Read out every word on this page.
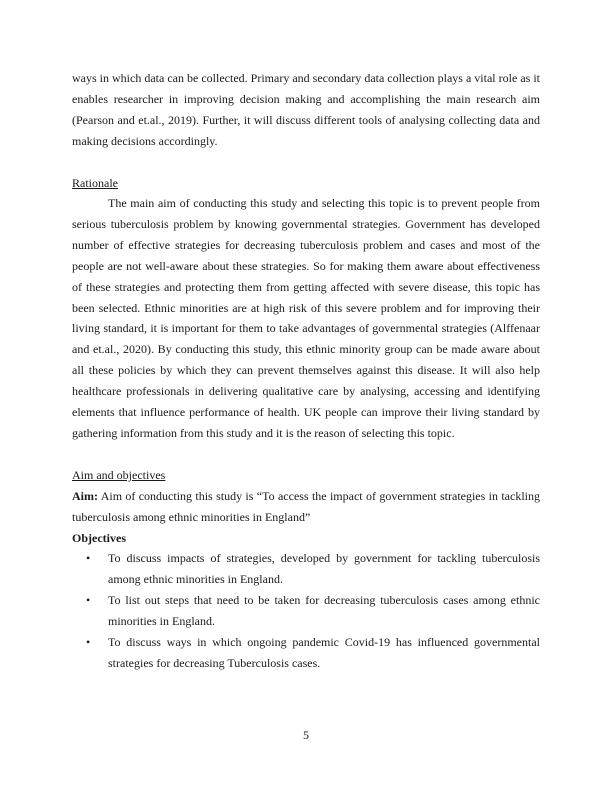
ways in which data can be collected. Primary and secondary data collection plays a vital role as it enables researcher in improving decision making and accomplishing the main research aim (Pearson and et.al., 2019). Further, it will discuss different tools of analysing collecting data and making decisions accordingly.
Rationale
The main aim of conducting this study and selecting this topic is to prevent people from serious tuberculosis problem by knowing governmental strategies. Government has developed number of effective strategies for decreasing tuberculosis problem and cases and most of the people are not well-aware about these strategies. So for making them aware about effectiveness of these strategies and protecting them from getting affected with severe disease, this topic has been selected. Ethnic minorities are at high risk of this severe problem and for improving their living standard, it is important for them to take advantages of governmental strategies (Alffenaar and et.al., 2020). By conducting this study, this ethnic minority group can be made aware about all these policies by which they can prevent themselves against this disease. It will also help healthcare professionals in delivering qualitative care by analysing, accessing and identifying elements that influence performance of health. UK people can improve their living standard by gathering information from this study and it is the reason of selecting this topic.
Aim and objectives
Aim: Aim of conducting this study is “To access the impact of government strategies in tackling tuberculosis among ethnic minorities in England”
Objectives
• To discuss impacts of strategies, developed by government for tackling tuberculosis among ethnic minorities in England.
• To list out steps that need to be taken for decreasing tuberculosis cases among ethnic minorities in England.
• To discuss ways in which ongoing pandemic Covid-19 has influenced governmental strategies for decreasing Tuberculosis cases.
5
